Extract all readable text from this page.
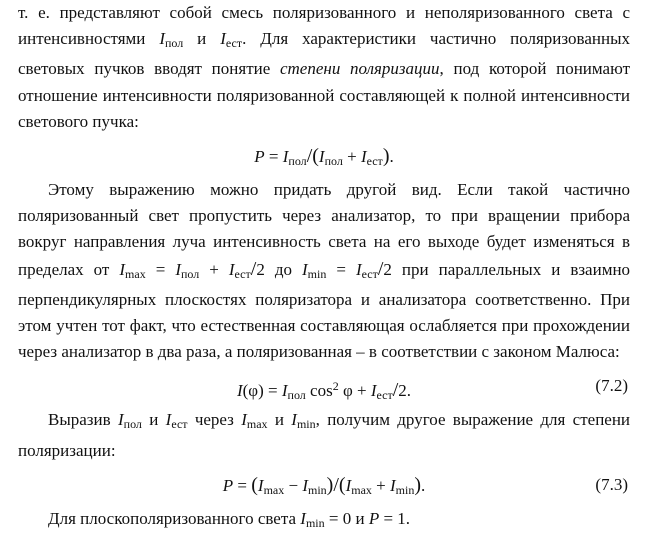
т. е. представляют собой смесь поляризованного и неполяризованного света с интенсивностями $I_{пол}$ и $I_{ест}$. Для характеристики частично поляризованных световых пучков вводят понятие степени поляризации, под которой понимают отношение интенсивности поляризованной составляющей к полной интенсивности светового пучка:

$P = I_{пол}/(I_{пол} + I_{ест})$.

Этому выражению можно придать другой вид. Если такой частично поляризованный свет пропустить через анализатор, то при вращении прибора вокруг направления луча интенсивность света на его выходе будет изменяться в пределах от $I_{max} = I_{пол} + I_{ест}/2$ до $I_{min} = I_{ест}/2$ при параллельных и взаимно перпендикулярных плоскостях поляризатора и анализатора соответственно. При этом учтен тот факт, что естественная составляющая ослабляется при прохождении через анализатор в два раза, а поляризованная – в соответствии с законом Малюса:

$I(\varphi) = I_{пол}$ $\cos^2 \varphi + I_{ест}/2$.	(7.2)

Выразив $I_{пол}$ и $I_{ест}$ через $I_{max}$ и $I_{min}$, получим другое выражение для степени поляризации:

$P = (I_{max} - I_{min})/(I_{max} + I_{min})$.	(7.3)

Для плоскополяризованного света $I_{min} = 0$ и P = 1.
